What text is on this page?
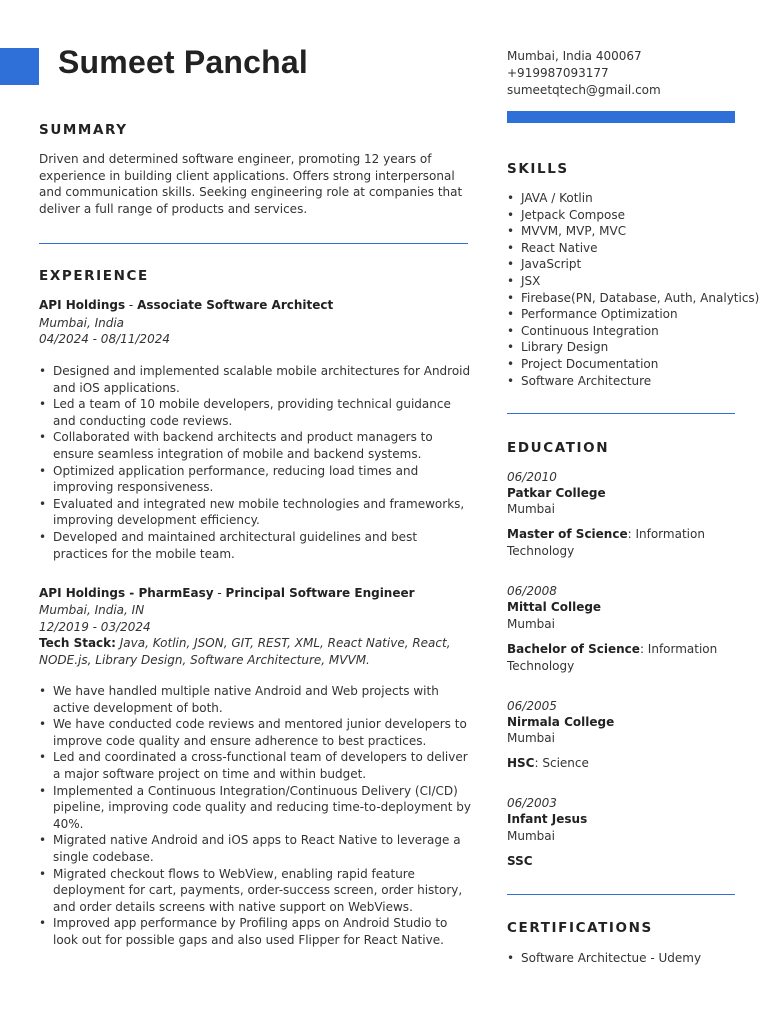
Sumeet Panchal	Mumbai, India 400067

+919987093177

sumeetqtech@gmail.com

SUMMARY

Driven and determined software engineer, promoting 12 years of experience in building client applications. Offers strong interpersonal and communication skills. Seeking engineering role at companies that deliver a full range of products and services.

EXPERIENCE

API Holdings - Associate Software Architect

Mumbai, India

04/2024 - 08/11/2024

• Designed and implemented scalable mobile architectures for Android and iOS applications.
• Led a team of 10 mobile developers, providing technical guidance and conducting code reviews.
• Collaborated with backend architects and product managers to ensure seamless integration of mobile and backend systems.
• Optimized application performance, reducing load times and improving responsiveness.
• Evaluated and integrated new mobile technologies and frameworks, improving development efficiency.
• Developed and maintained architectural guidelines and best practices for the mobile team.

API Holdings - PharmEasy - Principal Software Engineer

Mumbai, India, IN

12/2019 - 03/2024

Tech Stack: Java, Kotlin, JSON, GIT, REST, XML, React Native, React, NODE.js, Library Design, Software Architecture, MVVM.

• We have handled multiple native Android and Web projects with active development of both.
• We have conducted code reviews and mentored junior developers to improve code quality and ensure adherence to best practices.
• Led and coordinated a cross-functional team of developers to deliver a major software project on time and within budget.
• Implemented a Continuous Integration/Continuous Delivery (CI/CD) pipeline, improving code quality and reducing time-to-deployment by 40%.
• Migrated native Android and iOS apps to React Native to leverage a single codebase.
• Migrated checkout flows to WebView, enabling rapid feature deployment for cart, payments, order-success screen, order history, and order details screens with native support on WebViews.
• Improved app performance by Profiling apps on Android Studio to look out for possible gaps and also used Flipper for React Native.
SKILLS
• JAVA / Kotlin
• Jetpack Compose
• MVVM, MVP, MVC
• React Native
• JavaScript
• JSX
• Firebase(PN, Database, Auth, Analytics)
• Performance Optimization
• Continuous Integration
• Library Design
• Project Documentation
• Software Architecture
EDUCATION

06/2010

Patkar College

Mumbai

Master of Science: Information Technology

06/2008

Mittal College

Mumbai

Bachelor of Science: Information Technology

06/2005

Nirmala College

Mumbai

HSC: Science

06/2003

Infant Jesus

Mumbai

SSC

CERTIFICATIONS
• Software Architectue - Udemy
